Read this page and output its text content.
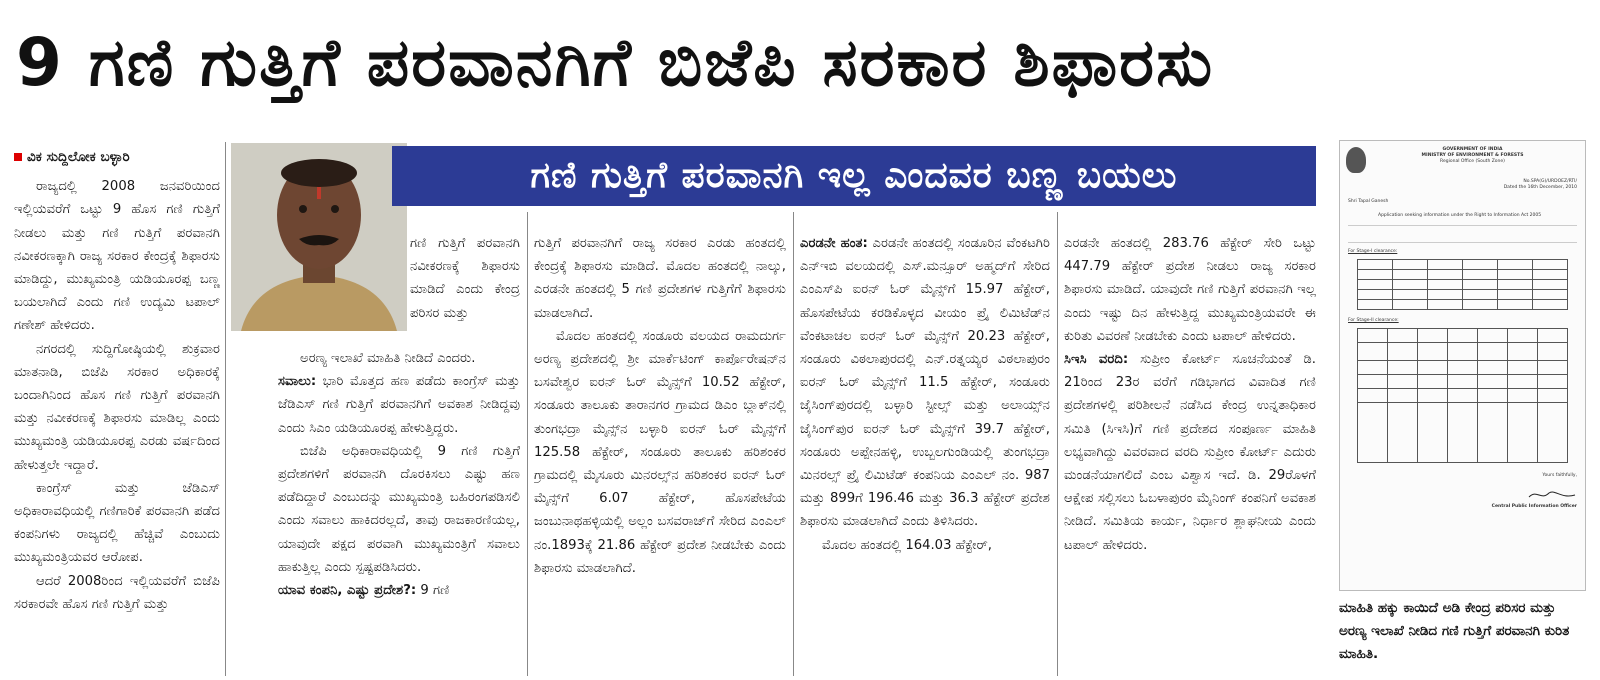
9 ಗಣಿ ಗುತ್ತಿಗೆ ಪರವಾನಗಿಗೆ ಬಿಜೆಪಿ ಸರಕಾರ ಶಿಫಾರಸು
ವಿಕ ಸುದ್ದಿಲೋಕ ಬಳ್ಳಾರಿ

ರಾಜ್ಯದಲ್ಲಿ 2008 ಜನವರಿಯಿಂದ ಇಲ್ಲಿಯವರೆಗೆ ಒಟ್ಟು 9 ಹೊಸ ಗಣಿ ಗುತ್ತಿಗೆ ನೀಡಲು ಮತ್ತು ಗಣಿ ಗುತ್ತಿಗೆ ಪರವಾನಗಿ ನವೀಕರಣಕ್ಕಾಗಿ ರಾಜ್ಯ ಸರಕಾರ ಕೇಂದ್ರಕ್ಕೆ ಶಿಫಾರಸು ಮಾಡಿದ್ದು, ಮುಖ್ಯಮಂತ್ರಿ ಯಡಿಯೂರಪ್ಪ ಬಣ್ಣ ಬಯಲಾಗಿದೆ ಎಂದು ಗಣಿ ಉದ್ಯಮಿ ಟಪಾಲ್ ಗಣೇಶ್ ಹೇಳಿದರು.

ನಗರದಲ್ಲಿ ಸುದ್ದಿಗೋಷ್ಠಿಯಲ್ಲಿ ಶುಕ್ರವಾರ ಮಾತನಾಡಿ, ಬಿಜೆಪಿ ಸರಕಾರ ಅಧಿಕಾರಕ್ಕೆ ಬಂದಾಗಿನಿಂದ ಹೊಸ ಗಣಿ ಗುತ್ತಿಗೆ ಪರವಾನಗಿ ಮತ್ತು ನವೀಕರಣಕ್ಕೆ ಶಿಫಾರಸು ಮಾಡಿಲ್ಲ ಎಂದು ಮುಖ್ಯಮಂತ್ರಿ ಯಡಿಯೂರಪ್ಪ ಎರಡು ವರ್ಷದಿಂದ ಹೇಳುತ್ತಲೇ ಇದ್ದಾರೆ.

ಕಾಂಗ್ರೆಸ್ ಮತ್ತು ಜೆಡಿಎಸ್ ಅಧಿಕಾರಾವಧಿಯಲ್ಲಿ ಗಣಿಗಾರಿಕೆ ಪರವಾನಗಿ ಪಡೆದ ಕಂಪನಿಗಳು ರಾಜ್ಯದಲ್ಲಿ ಹೆಚ್ಚಿವೆ ಎಂಬುದು ಮುಖ್ಯಮಂತ್ರಿಯವರ ಆರೋಪ.

ಆದರೆ 2008ರಿಂದ ಇಲ್ಲಿಯವರೆಗೆ ಬಿಜೆಪಿ ಸರಕಾರವೇ ಹೊಸ ಗಣಿ ಗುತ್ತಿಗೆ ಮತ್ತು

ಗಣಿ ಗುತ್ತಿಗೆ ಪರವಾನಗಿ ಇಲ್ಲ ಎಂದವರ ಬಣ್ಣ ಬಯಲು

ಗಣಿ ಗುತ್ತಿಗೆ ಪರವಾನಗಿ ನವೀಕರಣಕ್ಕೆ ಶಿಫಾರಸು ಮಾಡಿದೆ ಎಂದು ಕೇಂದ್ರ ಪರಿಸರ ಮತ್ತು

ಅರಣ್ಯ ಇಲಾಖೆ ಮಾಹಿತಿ ನೀಡಿದೆ ಎಂದರು.

ಸವಾಲು: ಭಾರಿ ಮೊತ್ತದ ಹಣ ಪಡೆದು ಕಾಂಗ್ರೆಸ್ ಮತ್ತು ಜೆಡಿಎಸ್ ಗಣಿ ಗುತ್ತಿಗೆ ಪರವಾನಗಿಗೆ ಅವಕಾಶ ನೀಡಿದ್ದವು ಎಂದು ಸಿಎಂ ಯಡಿಯೂರಪ್ಪ ಹೇಳುತ್ತಿದ್ದರು.

ಬಿಜೆಪಿ ಅಧಿಕಾರಾವಧಿಯಲ್ಲಿ 9 ಗಣಿ ಗುತ್ತಿಗೆ ಪ್ರದೇಶಗಳಿಗೆ ಪರವಾನಗಿ ದೊರಕಿಸಲು ಎಷ್ಟು ಹಣ ಪಡೆದಿದ್ದಾರೆ ಎಂಬುದನ್ನು ಮುಖ್ಯಮಂತ್ರಿ ಬಹಿರಂಗಪಡಿಸಲಿ ಎಂದು ಸವಾಲು ಹಾಕಿದರಲ್ಲದೆ, ತಾವು ರಾಜಕಾರಣಿಯಲ್ಲ, ಯಾವುದೇ ಪಕ್ಷದ ಪರವಾಗಿ ಮುಖ್ಯಮಂತ್ರಿಗೆ ಸವಾಲು ಹಾಕುತ್ತಿಲ್ಲ ಎಂದು ಸ್ಪಷ್ಟಪಡಿಸಿದರು.

ಯಾವ ಕಂಪನಿ, ಎಷ್ಟು ಪ್ರದೇಶ?: 9 ಗಣಿ

ಗುತ್ತಿಗೆ ಪರವಾನಗಿಗೆ ರಾಜ್ಯ ಸರಕಾರ ಎರಡು ಹಂತದಲ್ಲಿ ಕೇಂದ್ರಕ್ಕೆ ಶಿಫಾರಸು ಮಾಡಿದೆ. ಮೊದಲ ಹಂತದಲ್ಲಿ ನಾಲ್ಕು, ಎರಡನೇ ಹಂತದಲ್ಲಿ 5 ಗಣಿ ಪ್ರದೇಶಗಳ ಗುತ್ತಿಗೆಗೆ ಶಿಫಾರಸು ಮಾಡಲಾಗಿದೆ.

ಮೊದಲ ಹಂತದಲ್ಲಿ ಸಂಡೂರು ವಲಯದ ರಾಮದುರ್ಗ ಅರಣ್ಯ ಪ್ರದೇಶದಲ್ಲಿ ಶ್ರೀ ಮಾರ್ಕೆಟಿಂಗ್ ಕಾರ್ಪೊರೇಷನ್‌ನ ಬಸವೇಶ್ವರ ಐರನ್ ಓರ್ ಮೈನ್ಸ್‌ಗೆ 10.52 ಹೆಕ್ಟೇರ್, ಸಂಡೂರು ತಾಲೂಕು ತಾರಾನಗರ ಗ್ರಾಮದ ಡಿಎಂ ಬ್ಲಾಕ್‌ನಲ್ಲಿ ತುಂಗಭದ್ರಾ ಮೈನ್ಸ್‌ನ ಬಳ್ಳಾರಿ ಐರನ್ ಓರ್ ಮೈನ್ಸ್‌ಗೆ 125.58 ಹೆಕ್ಟೇರ್, ಸಂಡೂರು ತಾಲೂಕು ಹರಿಶಂಕರ ಗ್ರಾಮದಲ್ಲಿ ಮೈಸೂರು ಮಿನರಲ್ಸ್‌ನ ಹರಿಶಂಕರ ಐರನ್ ಓರ್ ಮೈನ್ಸ್‌ಗೆ 6.07 ಹೆಕ್ಟೇರ್, ಹೊಸಪೇಟೆಯ ಜಂಬುನಾಥಹಳ್ಳಿಯಲ್ಲಿ ಅಲ್ಲಂ ಬಸವರಾಜ್‌ಗೆ ಸೇರಿದ ಎಂಎಲ್ ನಂ.1893ಕ್ಕೆ 21.86 ಹೆಕ್ಟೇರ್ ಪ್ರದೇಶ ನೀಡಬೇಕು ಎಂದು ಶಿಫಾರಸು ಮಾಡಲಾಗಿದೆ.

ಎರಡನೇ ಹಂತ: ಎರಡನೇ ಹಂತದಲ್ಲಿ ಸಂಡೂರಿನ ವೆಂಕಟಗಿರಿ ಎನ್‌ಇಬಿ ವಲಯದಲ್ಲಿ ಎಸ್.ಮನ್ಸೂರ್ ಅಹ್ಮದ್‌ಗೆ ಸೇರಿದ ಎಂಎಸ್‌ಪಿ ಐರನ್ ಓರ್ ಮೈನ್ಸ್‌ಗೆ 15.97 ಹೆಕ್ಟೇರ್, ಹೊಸಪೇಟೆಯ ಕರಡಿಕೊಳ್ಳದ ವೀಯಂ ಪ್ರೈ ಲಿಮಿಟೆಡ್‌ನ ವೆಂಕಟಾಚಲ ಐರನ್ ಓರ್ ಮೈನ್ಸ್‌ಗೆ 20.23 ಹೆಕ್ಟೇರ್, ಸಂಡೂರು ವಿಠಲಾಪುರದಲ್ಲಿ ಎನ್.ರತ್ನಯ್ಯರ ವಿಠಲಾಪುರಂ ಐರನ್ ಓರ್ ಮೈನ್ಸ್‌ಗೆ 11.5 ಹೆಕ್ಟೇರ್, ಸಂಡೂರು ಜೈಸಿಂಗ್‌ಪುರದಲ್ಲಿ ಬಳ್ಳಾರಿ ಸ್ಟೀಲ್ಸ್ ಮತ್ತು ಅಲಾಯ್ಸ್‌ನ ಜೈಸಿಂಗ್‌ಪುರ ಐರನ್ ಓರ್ ಮೈನ್ಸ್‌ಗೆ 39.7 ಹೆಕ್ಟೇರ್, ಸಂಡೂರು ಅಪ್ಪೇನಹಳ್ಳಿ, ಉಬ್ಬಲಗುಂಡಿಯಲ್ಲಿ ತುಂಗಭದ್ರಾ ಮಿನರಲ್ಸ್ ಪ್ರೈ ಲಿಮಿಟೆಡ್ ಕಂಪನಿಯ ಎಂಎಲ್ ನಂ. 987 ಮತ್ತು 899ಗೆ 196.46 ಮತ್ತು 36.3 ಹೆಕ್ಟೇರ್ ಪ್ರದೇಶ ಶಿಫಾರಸು ಮಾಡಲಾಗಿದೆ ಎಂದು ತಿಳಿಸಿದರು.

ಮೊದಲ ಹಂತದಲ್ಲಿ 164.03 ಹೆಕ್ಟೇರ್,

ಎರಡನೇ ಹಂತದಲ್ಲಿ 283.76 ಹೆಕ್ಟೇರ್ ಸೇರಿ ಒಟ್ಟು 447.79 ಹೆಕ್ಟೇರ್ ಪ್ರದೇಶ ನೀಡಲು ರಾಜ್ಯ ಸರಕಾರ ಶಿಫಾರಸು ಮಾಡಿದೆ. ಯಾವುದೇ ಗಣಿ ಗುತ್ತಿಗೆ ಪರವಾನಗಿ ಇಲ್ಲ ಎಂದು ಇಷ್ಟು ದಿನ ಹೇಳುತ್ತಿದ್ದ ಮುಖ್ಯಮಂತ್ರಿಯವರೇ ಈ ಕುರಿತು ವಿವರಣೆ ನೀಡಬೇಕು ಎಂದು ಟಪಾಲ್ ಹೇಳಿದರು.

ಸಿಇಸಿ ವರದಿ: ಸುಪ್ರೀಂ ಕೋರ್ಟ್ ಸೂಚನೆಯಂತೆ ಡಿ. 21ರಿಂದ 23ರ ವರೆಗೆ ಗಡಿಭಾಗದ ವಿವಾದಿತ ಗಣಿ ಪ್ರದೇಶಗಳಲ್ಲಿ ಪರಿಶೀಲನೆ ನಡೆಸಿದ ಕೇಂದ್ರ ಉನ್ನತಾಧಿಕಾರ ಸಮಿತಿ (ಸಿಇಸಿ)ಗೆ ಗಣಿ ಪ್ರದೇಶದ ಸಂಪೂರ್ಣ ಮಾಹಿತಿ ಲಭ್ಯವಾಗಿದ್ದು ವಿವರವಾದ ವರದಿ ಸುಪ್ರೀಂ ಕೋರ್ಟ್ ಎದುರು ಮಂಡನೆಯಾಗಲಿದೆ ಎಂಬ ವಿಶ್ವಾಸ ಇದೆ. ಡಿ. 29ರೊಳಗೆ ಆಕ್ಷೇಪ ಸಲ್ಲಿಸಲು ಓಬಳಾಪುರಂ ಮೈನಿಂಗ್ ಕಂಪನಿಗೆ ಅವಕಾಶ ನೀಡಿದೆ. ಸಮಿತಿಯ ಕಾರ್ಯ, ನಿರ್ಧಾರ ಶ್ಲಾಘನೀಯ ಎಂದು ಟಪಾಲ್ ಹೇಳಿದರು.

GOVERNMENT OF INDIA
MINISTRY OF ENVIRONMENT & FORESTS
Regional Office (South Zone)
No.SPA(G)/URDOEZ/RTI/
Dated the 16th December, 2010
Shri Tapal Ganesh
Application seeking information under the Right to Information Act 2005
For Stage-I clearance:

For Stage-II clearance:

Yours faithfully,
Central Public Information Officer
ಮಾಹಿತಿ ಹಕ್ಕು ಕಾಯಿದೆ ಅಡಿ ಕೇಂದ್ರ ಪರಿಸರ ಮತ್ತು ಅರಣ್ಯ ಇಲಾಖೆ ನೀಡಿದ ಗಣಿ ಗುತ್ತಿಗೆ ಪರವಾನಗಿ ಕುರಿತ ಮಾಹಿತಿ.
